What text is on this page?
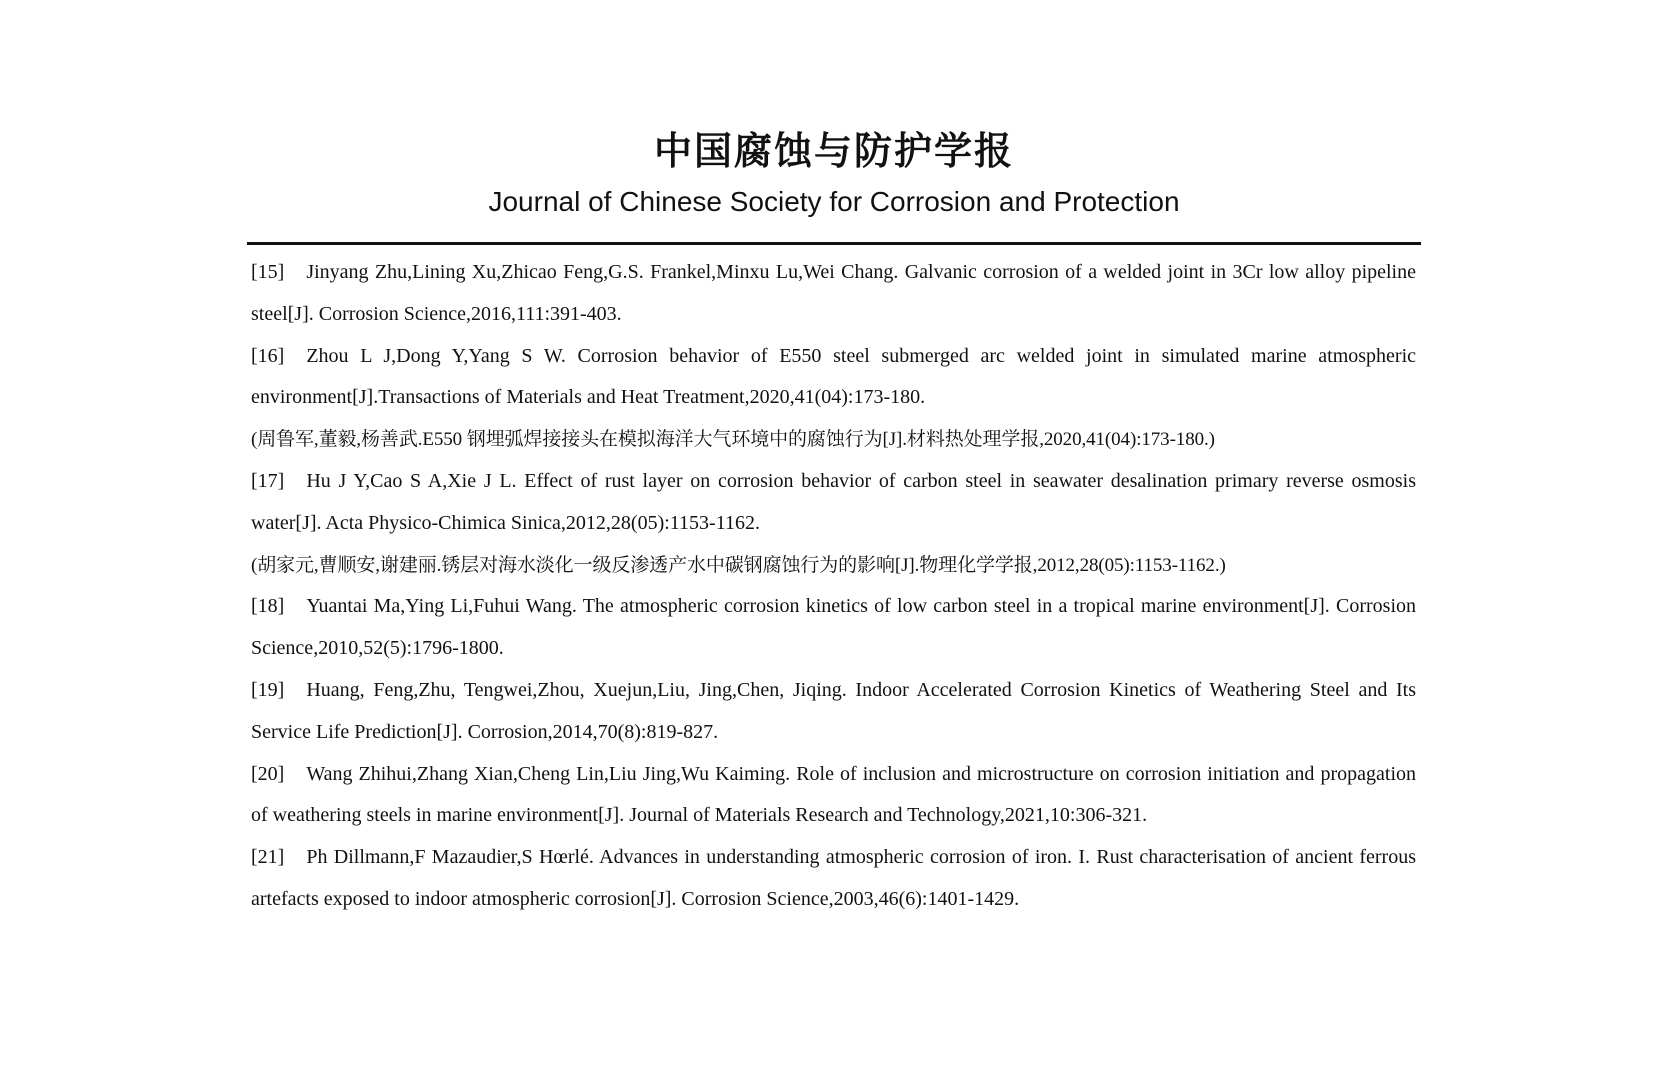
中国腐蚀与防护学报
Journal of Chinese Society for Corrosion and Protection

[15] Jinyang Zhu,Lining Xu,Zhicao Feng,G.S. Frankel,Minxu Lu,Wei Chang. Galvanic corrosion of a welded joint in 3Cr low alloy pipeline steel[J]. Corrosion Science,2016,111:391-403.

[16] Zhou L J,Dong Y,Yang S W. Corrosion behavior of E550 steel submerged arc welded joint in simulated marine atmospheric environment[J].Transactions of Materials and Heat Treatment,2020,41(04):173-180.

(周鲁军,董毅,杨善武.E550 钢埋弧焊接接头在模拟海洋大气环境中的腐蚀行为[J].材料热处理学报,2020,41(04):173-180.)

[17] Hu J Y,Cao S A,Xie J L. Effect of rust layer on corrosion behavior of carbon steel in seawater desalination primary reverse osmosis water[J]. Acta Physico-Chimica Sinica,2012,28(05):1153-1162.

(胡家元,曹顺安,谢建丽.锈层对海水淡化一级反渗透产水中碳钢腐蚀行为的影响[J].物理化学学报,2012,28(05):1153-1162.)

[18] Yuantai Ma,Ying Li,Fuhui Wang. The atmospheric corrosion kinetics of low carbon steel in a tropical marine environment[J]. Corrosion Science,2010,52(5):1796-1800.

[19] Huang, Feng,Zhu, Tengwei,Zhou, Xuejun,Liu, Jing,Chen, Jiqing. Indoor Accelerated Corrosion Kinetics of Weathering Steel and Its Service Life Prediction[J]. Corrosion,2014,70(8):819-827.

[20] Wang Zhihui,Zhang Xian,Cheng Lin,Liu Jing,Wu Kaiming. Role of inclusion and microstructure on corrosion initiation and propagation of weathering steels in marine environment[J]. Journal of Materials Research and Technology,2021,10:306-321.

[21] Ph Dillmann,F Mazaudier,S Hœrlé. Advances in understanding atmospheric corrosion of iron. I. Rust characterisation of ancient ferrous artefacts exposed to indoor atmospheric corrosion[J]. Corrosion Science,2003,46(6):1401-1429.
